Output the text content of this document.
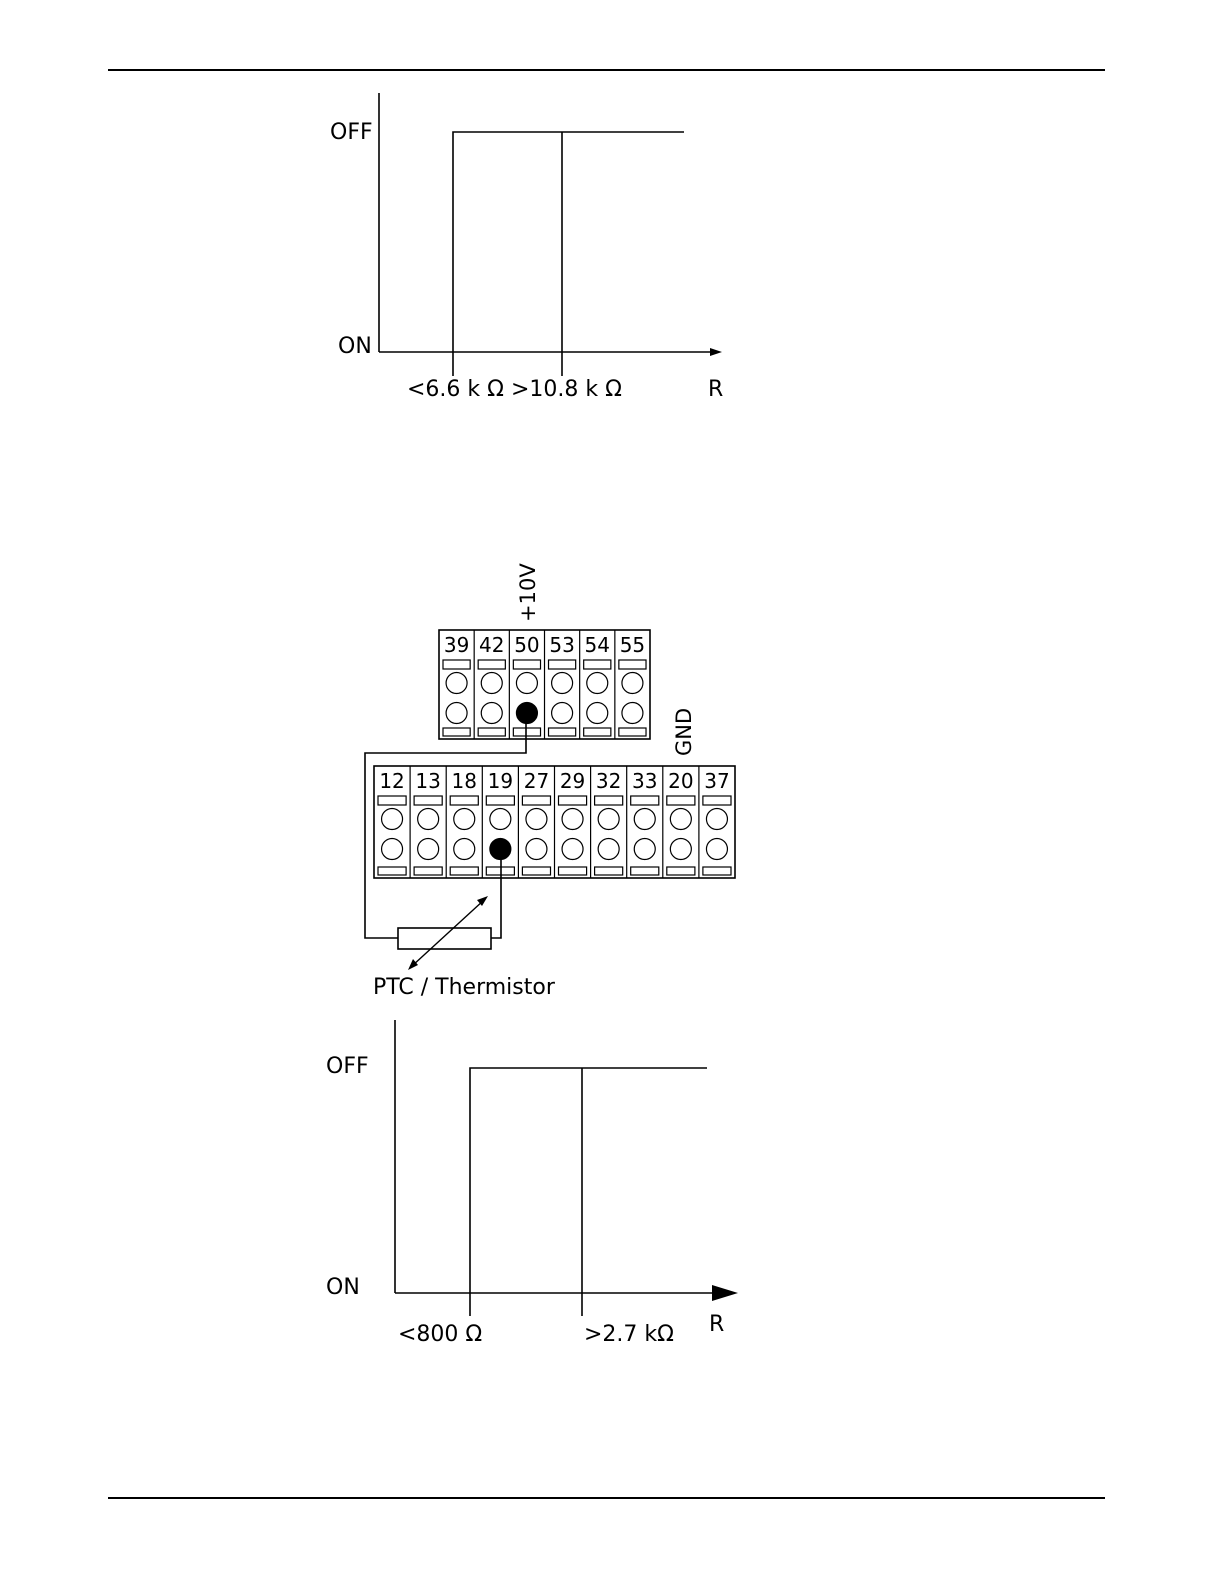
OFF
ON
<6.6 k Ω >10.8 k Ω	R
+10V
GND
39 42 50 53 54 55
12 13 18 19 27 29 32 33 20 37
PTC / Thermistor
OFF
ON
<800 Ω	>2.7 kΩ R
